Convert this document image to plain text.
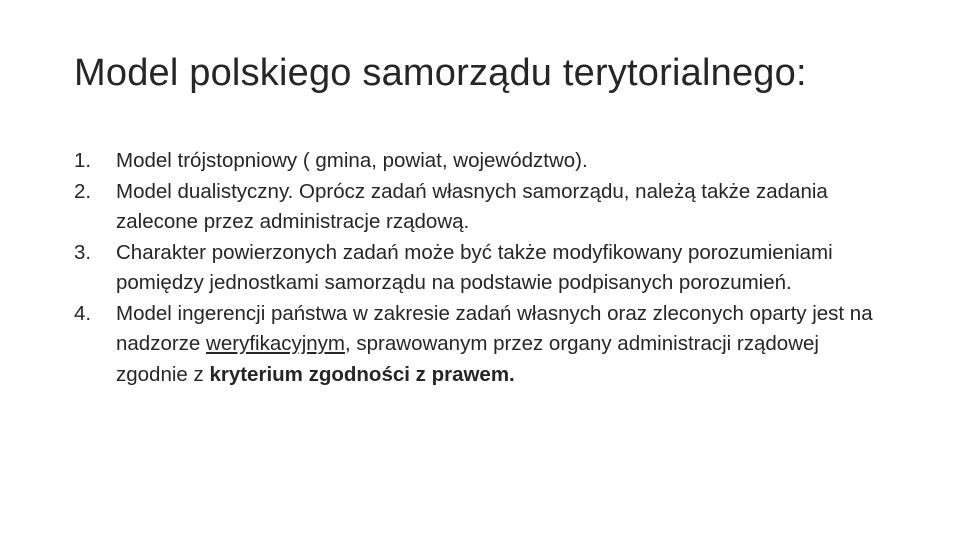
Model polskiego samorządu terytorialnego:
1.	Model trójstopniowy ( gmina, powiat, województwo).
2.	Model dualistyczny. Oprócz zadań własnych samorządu, należą także zadania zalecone przez administracje rządową.
3.	Charakter powierzonych zadań może być także modyfikowany porozumieniami pomiędzy jednostkami samorządu na podstawie podpisanych porozumień.
4.	Model ingerencji państwa w zakresie zadań własnych oraz zleconych oparty jest na nadzorze weryfikacyjnym, sprawowanym przez organy administracji rządowej zgodnie z kryterium zgodności z prawem.
